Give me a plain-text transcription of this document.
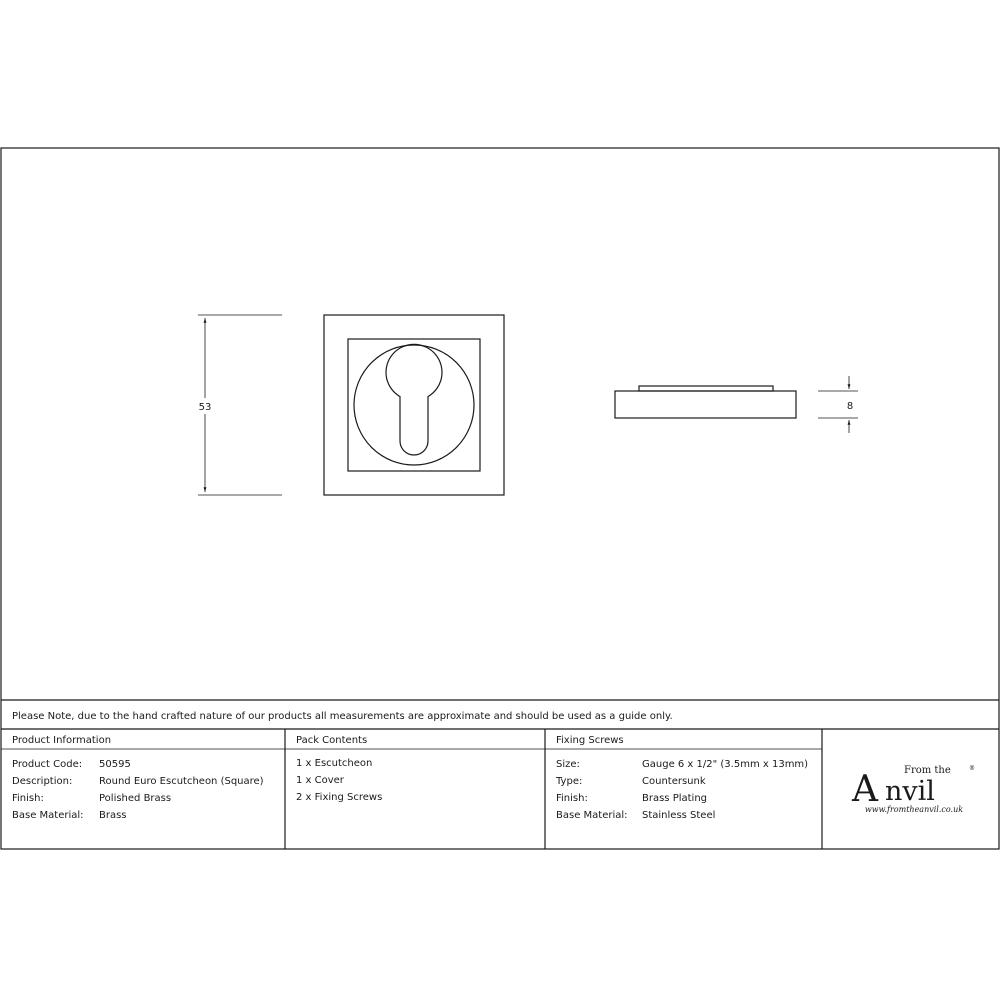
53	8
Please Note, due to the hand crafted nature of our products all measurements are approximate and should be used as a guide only.
Product Information
Product Code: 50595
Description:	Round Euro Escutcheon (Square)
Finish:	Polished Brass
Base Material: Brass
Pack Contents
1 x Escutcheon
1 x Cover
2 x Fixing Screws
Fixing Screws
Size:	Gauge 6 x 1/2" (3.5mm x 13mm)
Type:	Countersunk
Finish:	Brass Plating
Base Material: Stainless Steel
From the	®
A nvil
www.fromtheanvil.co.uk
